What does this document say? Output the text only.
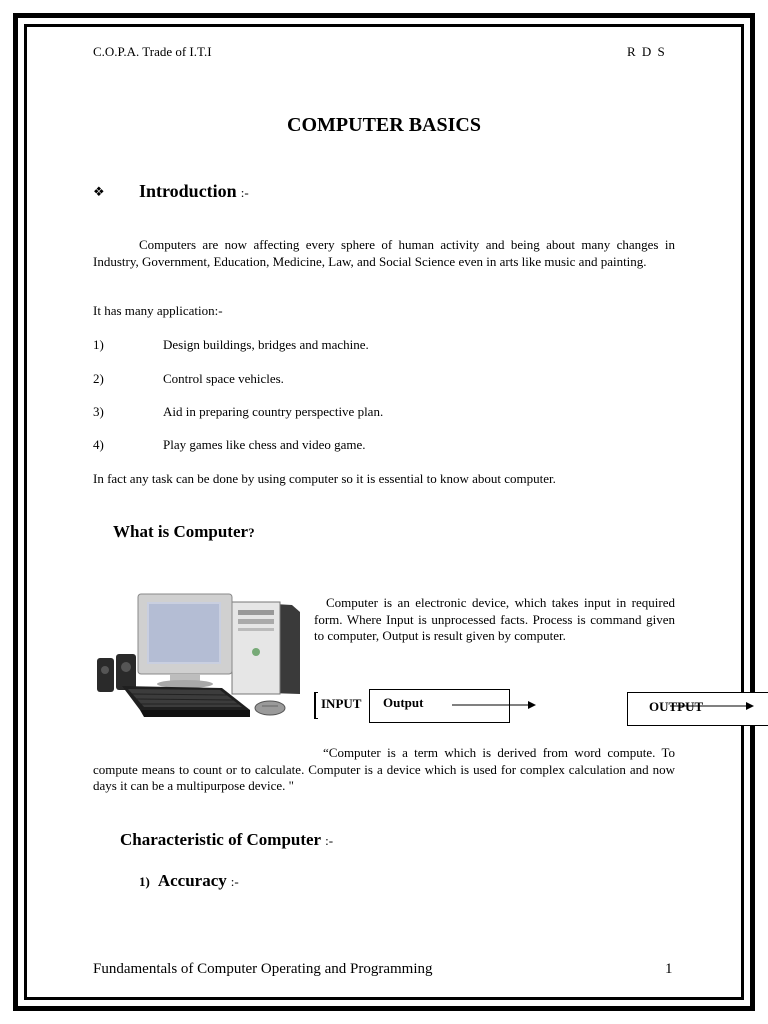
C.O.P.A. Trade of I.T.I	R D S
COMPUTER BASICS
❖ Introduction :-
Computers are now affecting every sphere of human activity and being about many changes in Industry, Government, Education, Medicine, Law, and Social Science even in arts like music and painting.
It has many application:-
1)	Design buildings, bridges and machine.
2)	Control space vehicles.
3)	Aid in preparing country perspective plan.
4)	Play games like chess and video game.
In fact any task can be done by using computer so it is essential to know about computer.
What is Computer?
Computer is an electronic device, which takes input in required form. Where Input is unprocessed facts. Process is command given to computer, Output is result given by computer.
INPUT Output	OUTPUT
“Computer is a term which is derived from word compute. To compute means to count or to calculate. Computer is a device which is used for complex calculation and now days it can be a multipurpose device. "
Characteristic of Computer :-
1) Accuracy :-
Fundamentals of Computer Operating and Programming	1
